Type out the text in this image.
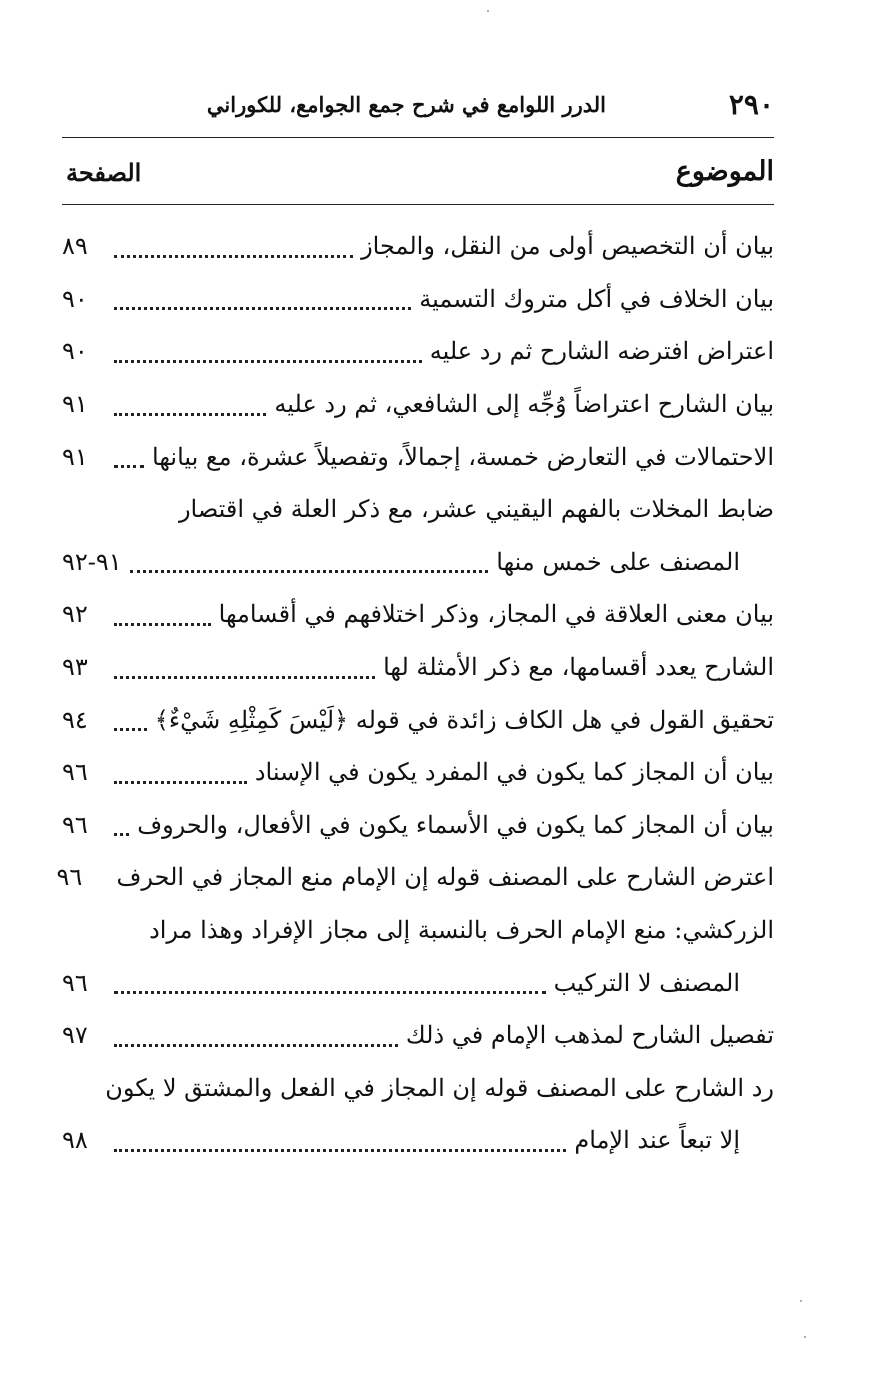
٢٩٠
الدرر اللوامع في شرح جمع الجوامع، للكوراني
الموضوع
الصفحة
بيان أن التخصيص أولى من النقل، والمجاز
٨٩
بيان الخلاف في أكل متروك التسمية
٩٠
اعتراض افترضه الشارح ثم رد عليه
٩٠
بيان الشارح اعتراضاً وُجِّه إلى الشافعي، ثم رد عليه
٩١
الاحتمالات في التعارض خمسة، إجمالاً، وتفصيلاً عشرة، مع بيانها
٩١
ضابط المخلات بالفهم اليقيني عشر، مع ذكر العلة في اقتصار
المصنف على خمس منها
٩١-٩٢
بيان معنى العلاقة في المجاز، وذكر اختلافهم في أقسامها
٩٢
الشارح يعدد أقسامها، مع ذكر الأمثلة لها
٩٣
تحقيق القول في هل الكاف زائدة في قوله ﴿لَيْسَ كَمِثْلِهِ شَيْءٌ﴾
٩٤
بيان أن المجاز كما يكون في المفرد يكون في الإسناد
٩٦
بيان أن المجاز كما يكون في الأسماء يكون في الأفعال، والحروف
٩٦
اعترض الشارح على المصنف قوله إن الإمام منع المجاز في الحرف
٩٦
الزركشي: منع الإمام الحرف بالنسبة إلى مجاز الإفراد وهذا مراد
المصنف لا التركيب
٩٦
تفصيل الشارح لمذهب الإمام في ذلك
٩٧
رد الشارح على المصنف قوله إن المجاز في الفعل والمشتق لا يكون
إلا تبعاً عند الإمام
٩٨
